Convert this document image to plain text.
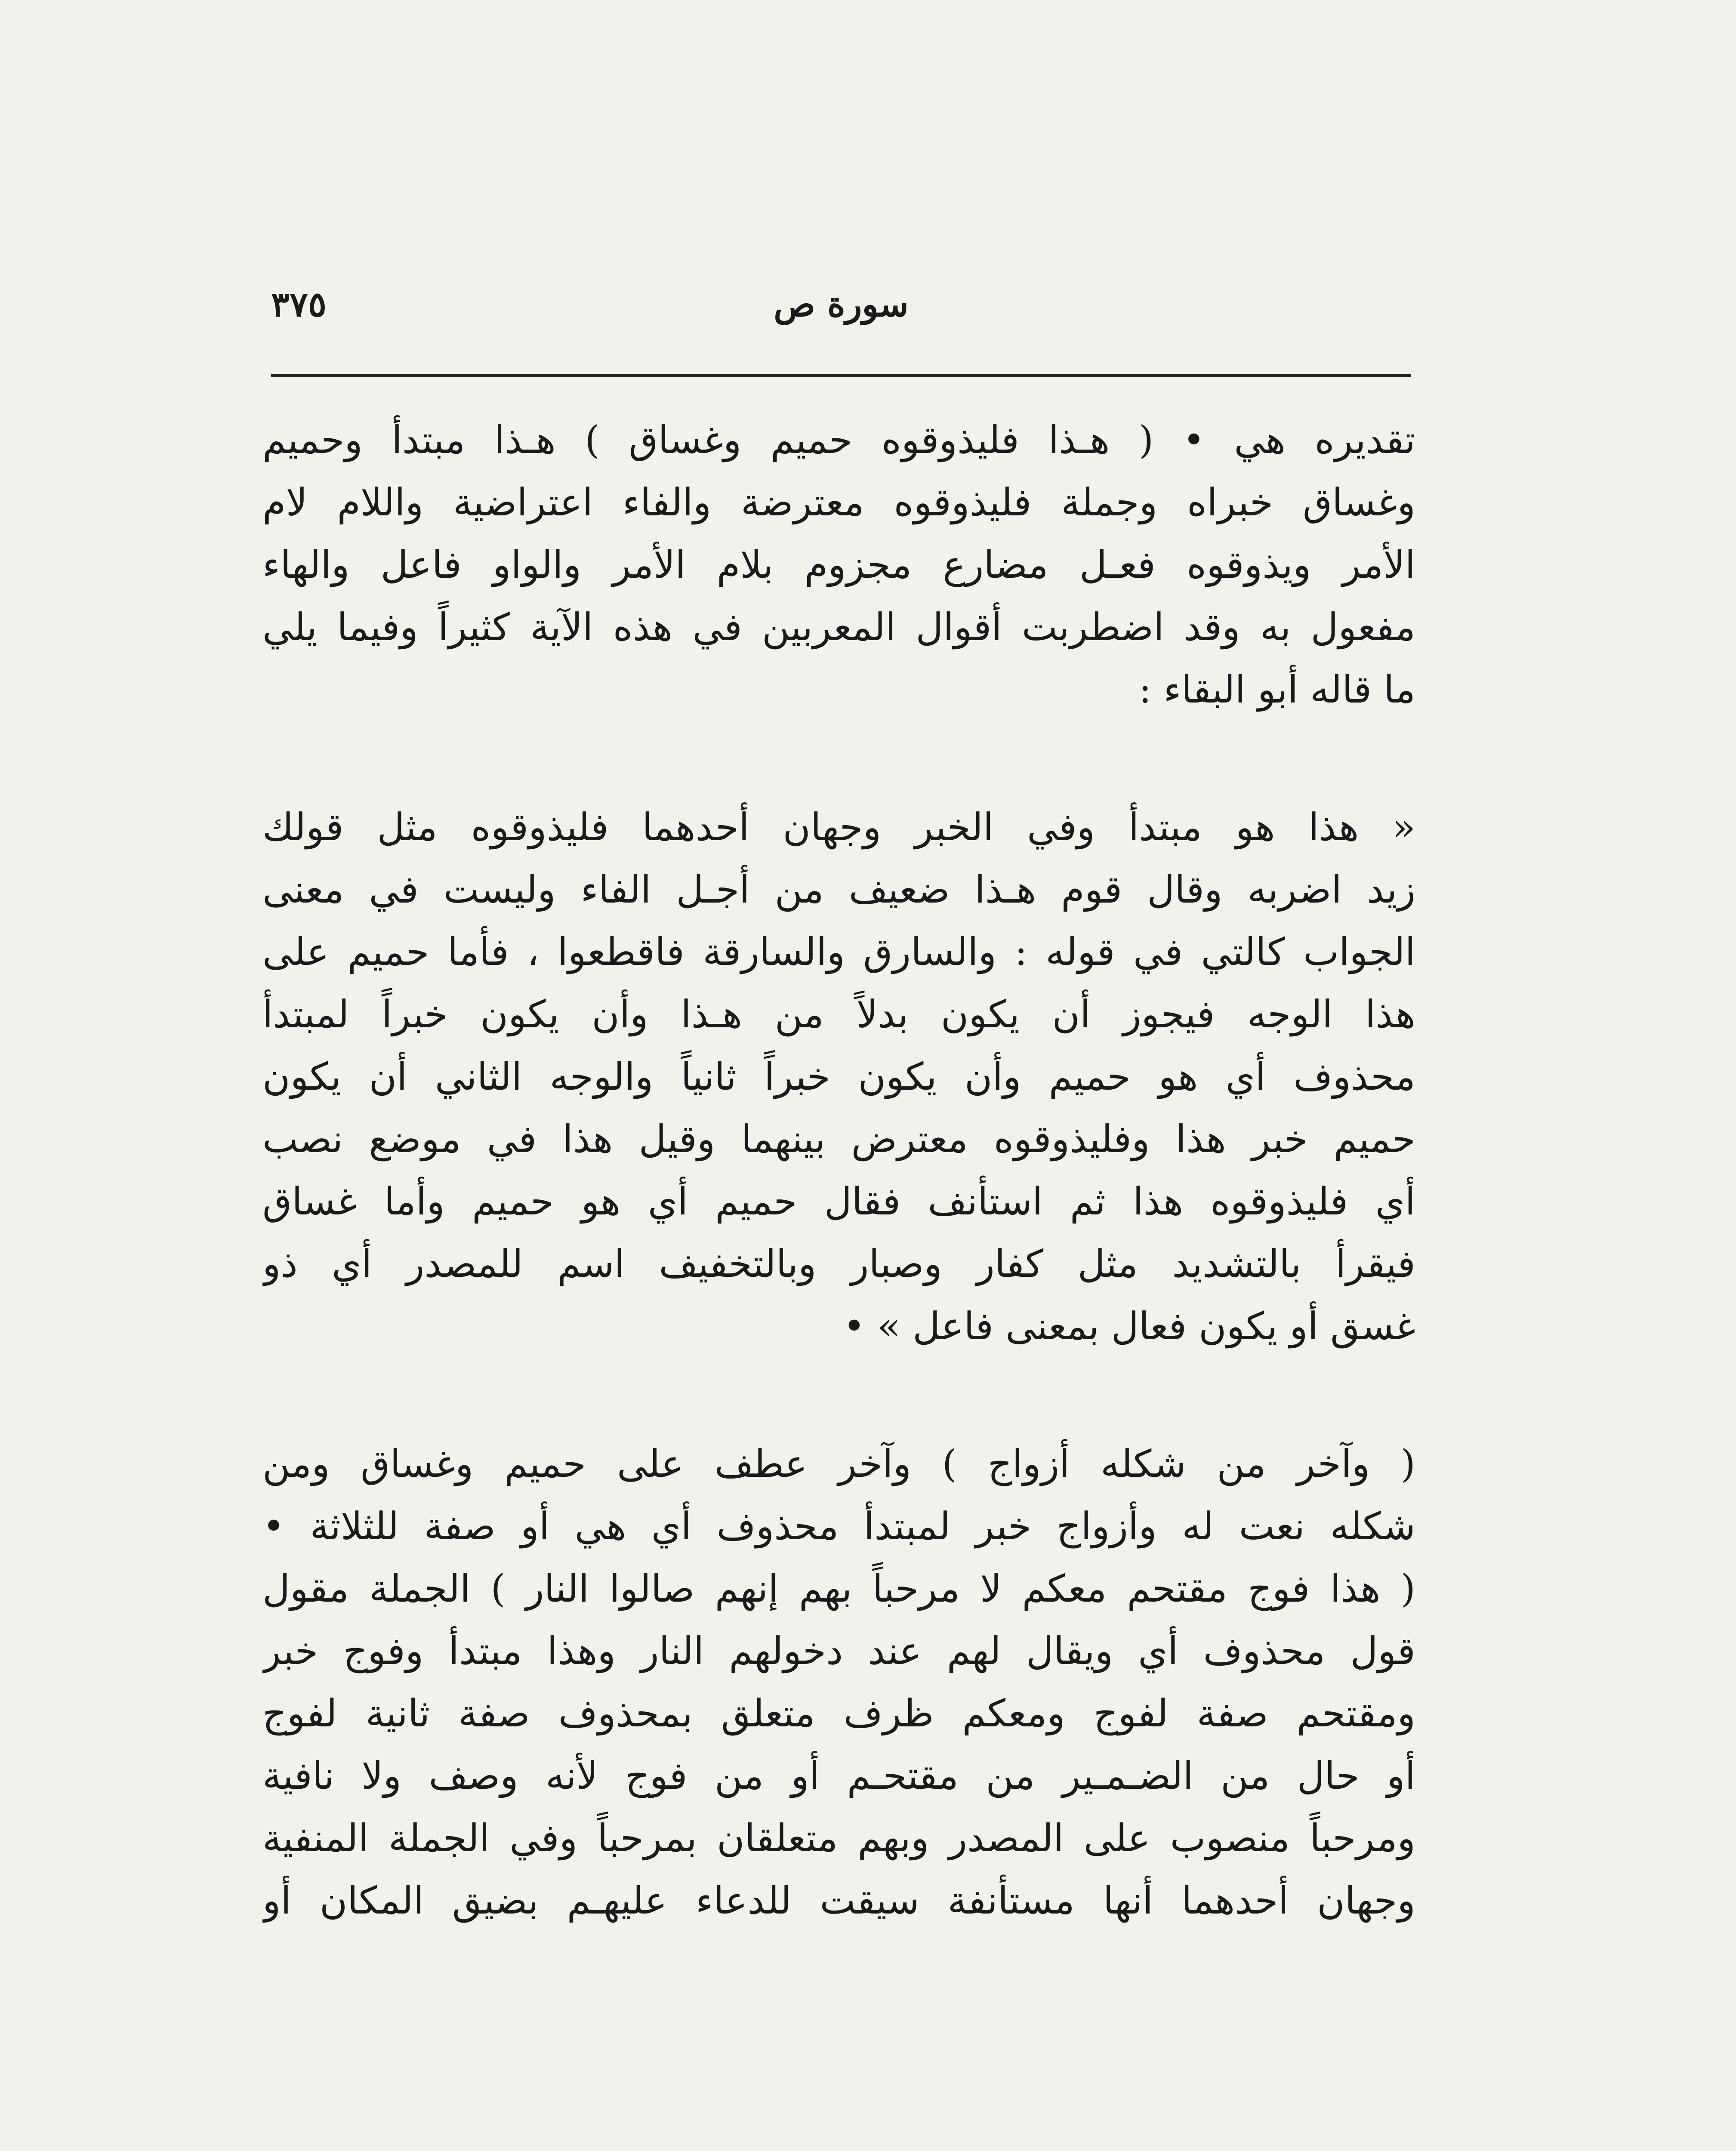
٣٧٥	سورة ص
تقديره هي • ( هـذا فليذوقوه حميم وغساق ) هـذا مبتدأ وحميم
وغساق خبراه وجملة فليذوقوه معترضة والفاء اعتراضية واللام لام
الأمر ويذوقوه فعـل مضارع مجزوم بلام الأمر والواو فاعل والهاء
مفعول به وقد اضطربت أقوال المعربين في هذه الآية كثيراً وفيما يلي
ما قاله أبو البقاء :
« هذا هو مبتدأ وفي الخبر وجهان أحدهما فليذوقوه مثل قولك
زيد اضربه وقال قوم هـذا ضعيف من أجـل الفاء وليست في معنى
الجواب كالتي في قوله : والسارق والسارقة فاقطعوا ، فأما حميم على
هذا الوجه فيجوز أن يكون بدلاً من هـذا وأن يكون خبراً لمبتدأ
محذوف أي هو حميم وأن يكون خبراً ثانياً والوجه الثاني أن يكون
حميم خبر هذا وفليذوقوه معترض بينهما وقيل هذا في موضع نصب
أي فليذوقوه هذا ثم استأنف فقال حميم أي هو حميم وأما غساق
فيقرأ بالتشديد مثل كفار وصبار وبالتخفيف اسم للمصدر أي ذو
غسق أو يكون فعال بمعنى فاعل » •
( وآخر من شكله أزواج ) وآخر عطف على حميم وغساق ومن
شكله نعت له وأزواج خبر لمبتدأ محذوف أي هي أو صفة للثلاثة •
( هذا فوج مقتحم معكم لا مرحباً بهم إنهم صالوا النار ) الجملة مقول
قول محذوف أي ويقال لهم عند دخولهم النار وهذا مبتدأ وفوج خبر
ومقتحم صفة لفوج ومعكم ظرف متعلق بمحذوف صفة ثانية لفوج
أو حال من الضـمـير من مقتحـم أو من فوج لأنه وصف ولا نافية
ومرحباً منصوب على المصدر وبهم متعلقان بمرحباً وفي الجملة المنفية
وجهان أحدهما أنها مستأنفة سيقت للدعاء عليهـم بضيق المكان أو
